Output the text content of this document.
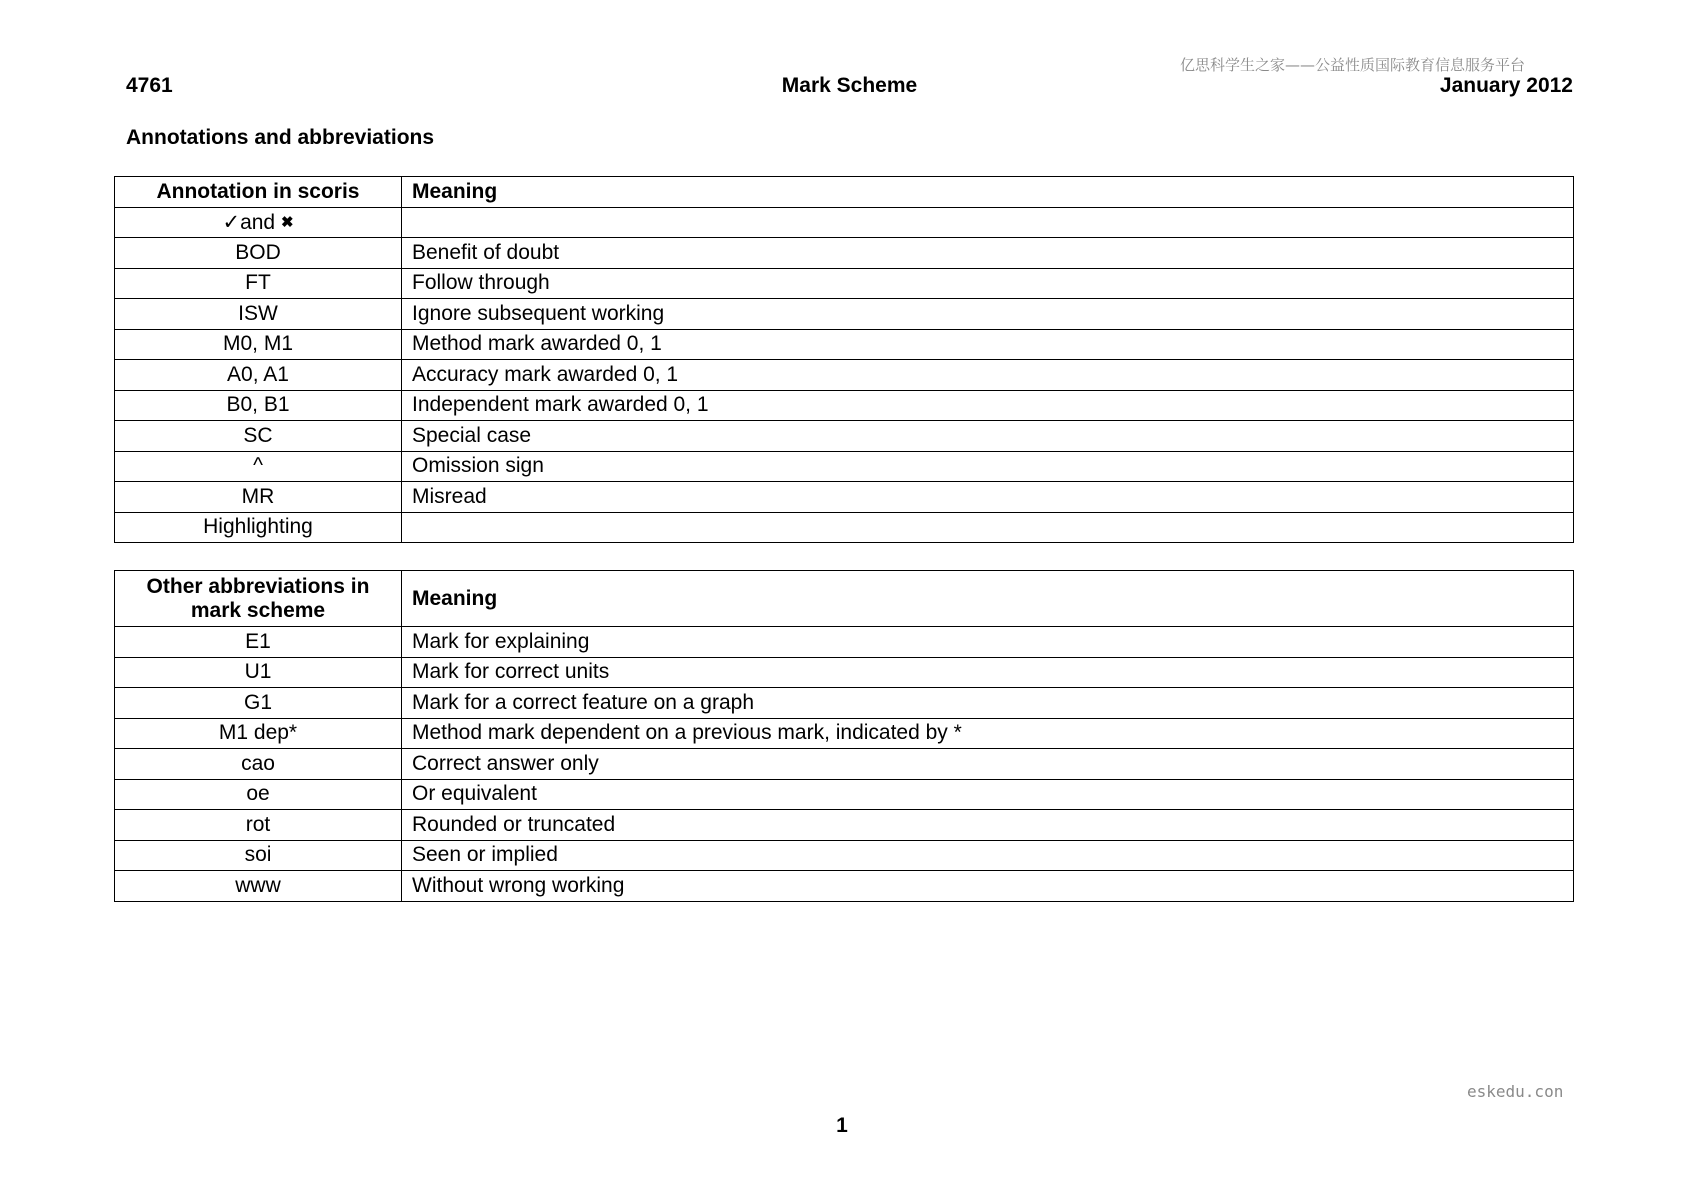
亿思科学生之家——公益性质国际教育信息服务平台
4761	Mark Scheme	January 2012
Annotations and abbreviations
Annotation in scoris	Meaning
✓and ✖	
BOD	Benefit of doubt
FT	Follow through
ISW	Ignore subsequent working
M0, M1	Method mark awarded 0, 1
A0, A1	Accuracy mark awarded 0, 1
B0, B1	Independent mark awarded 0, 1
SC	Special case
^	Omission sign
MR	Misread
Highlighting	
Other abbreviations in mark scheme	Meaning
E1	Mark for explaining
U1	Mark for correct units
G1	Mark for a correct feature on a graph
M1 dep*	Method mark dependent on a previous mark, indicated by *
cao	Correct answer only
oe	Or equivalent
rot	Rounded or truncated
soi	Seen or implied
www	Without wrong working
eskedu.con
1
